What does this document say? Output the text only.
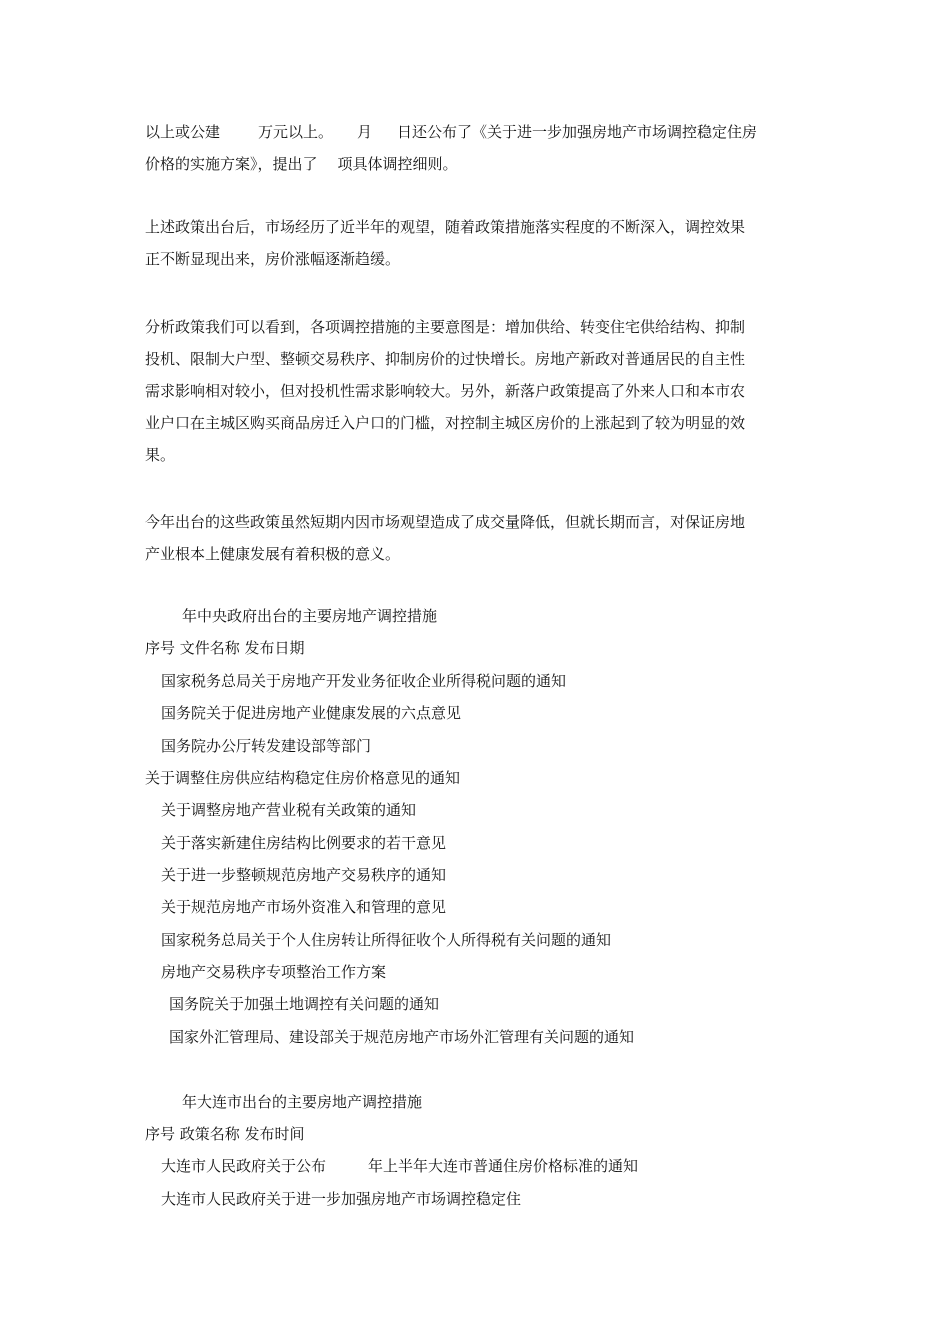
以上或公建	万元以上。 月 日还公布了《关于进一步加强房地产市场调控稳定住房
价格的实施方案》，提出了 项具体调控细则。
上述政策出台后，市场经历了近半年的观望，随着政策措施落实程度的不断深入，调控效果
正不断显现出来，房价涨幅逐渐趋缓。
分析政策我们可以看到，各项调控措施的主要意图是：增加供给、转变住宅供给结构、抑制
投机、限制大户型、整顿交易秩序、抑制房价的过快增长。房地产新政对普通居民的自主性
需求影响相对较小，但对投机性需求影响较大。另外，新落户政策提高了外来人口和本市农
业户口在主城区购买商品房迁入户口的门槛，对控制主城区房价的上涨起到了较为明显的效
果。
今年出台的这些政策虽然短期内因市场观望造成了成交量降低，但就长期而言，对保证房地
产业根本上健康发展有着积极的意义。
年中央政府出台的主要房地产调控措施
序号 文件名称 发布日期
国家税务总局关于房地产开发业务征收企业所得税问题的通知
国务院关于促进房地产业健康发展的六点意见
国务院办公厅转发建设部等部门
关于调整住房供应结构稳定住房价格意见的通知
关于调整房地产营业税有关政策的通知
关于落实新建住房结构比例要求的若干意见
关于进一步整顿规范房地产交易秩序的通知
关于规范房地产市场外资准入和管理的意见
国家税务总局关于个人住房转让所得征收个人所得税有关问题的通知
房地产交易秩序专项整治工作方案
国务院关于加强土地调控有关问题的通知
国家外汇管理局、建设部关于规范房地产市场外汇管理有关问题的通知
年大连市出台的主要房地产调控措施
序号 政策名称 发布时间
大连市人民政府关于公布	年上半年大连市普通住房价格标准的通知
大连市人民政府关于进一步加强房地产市场调控稳定住
